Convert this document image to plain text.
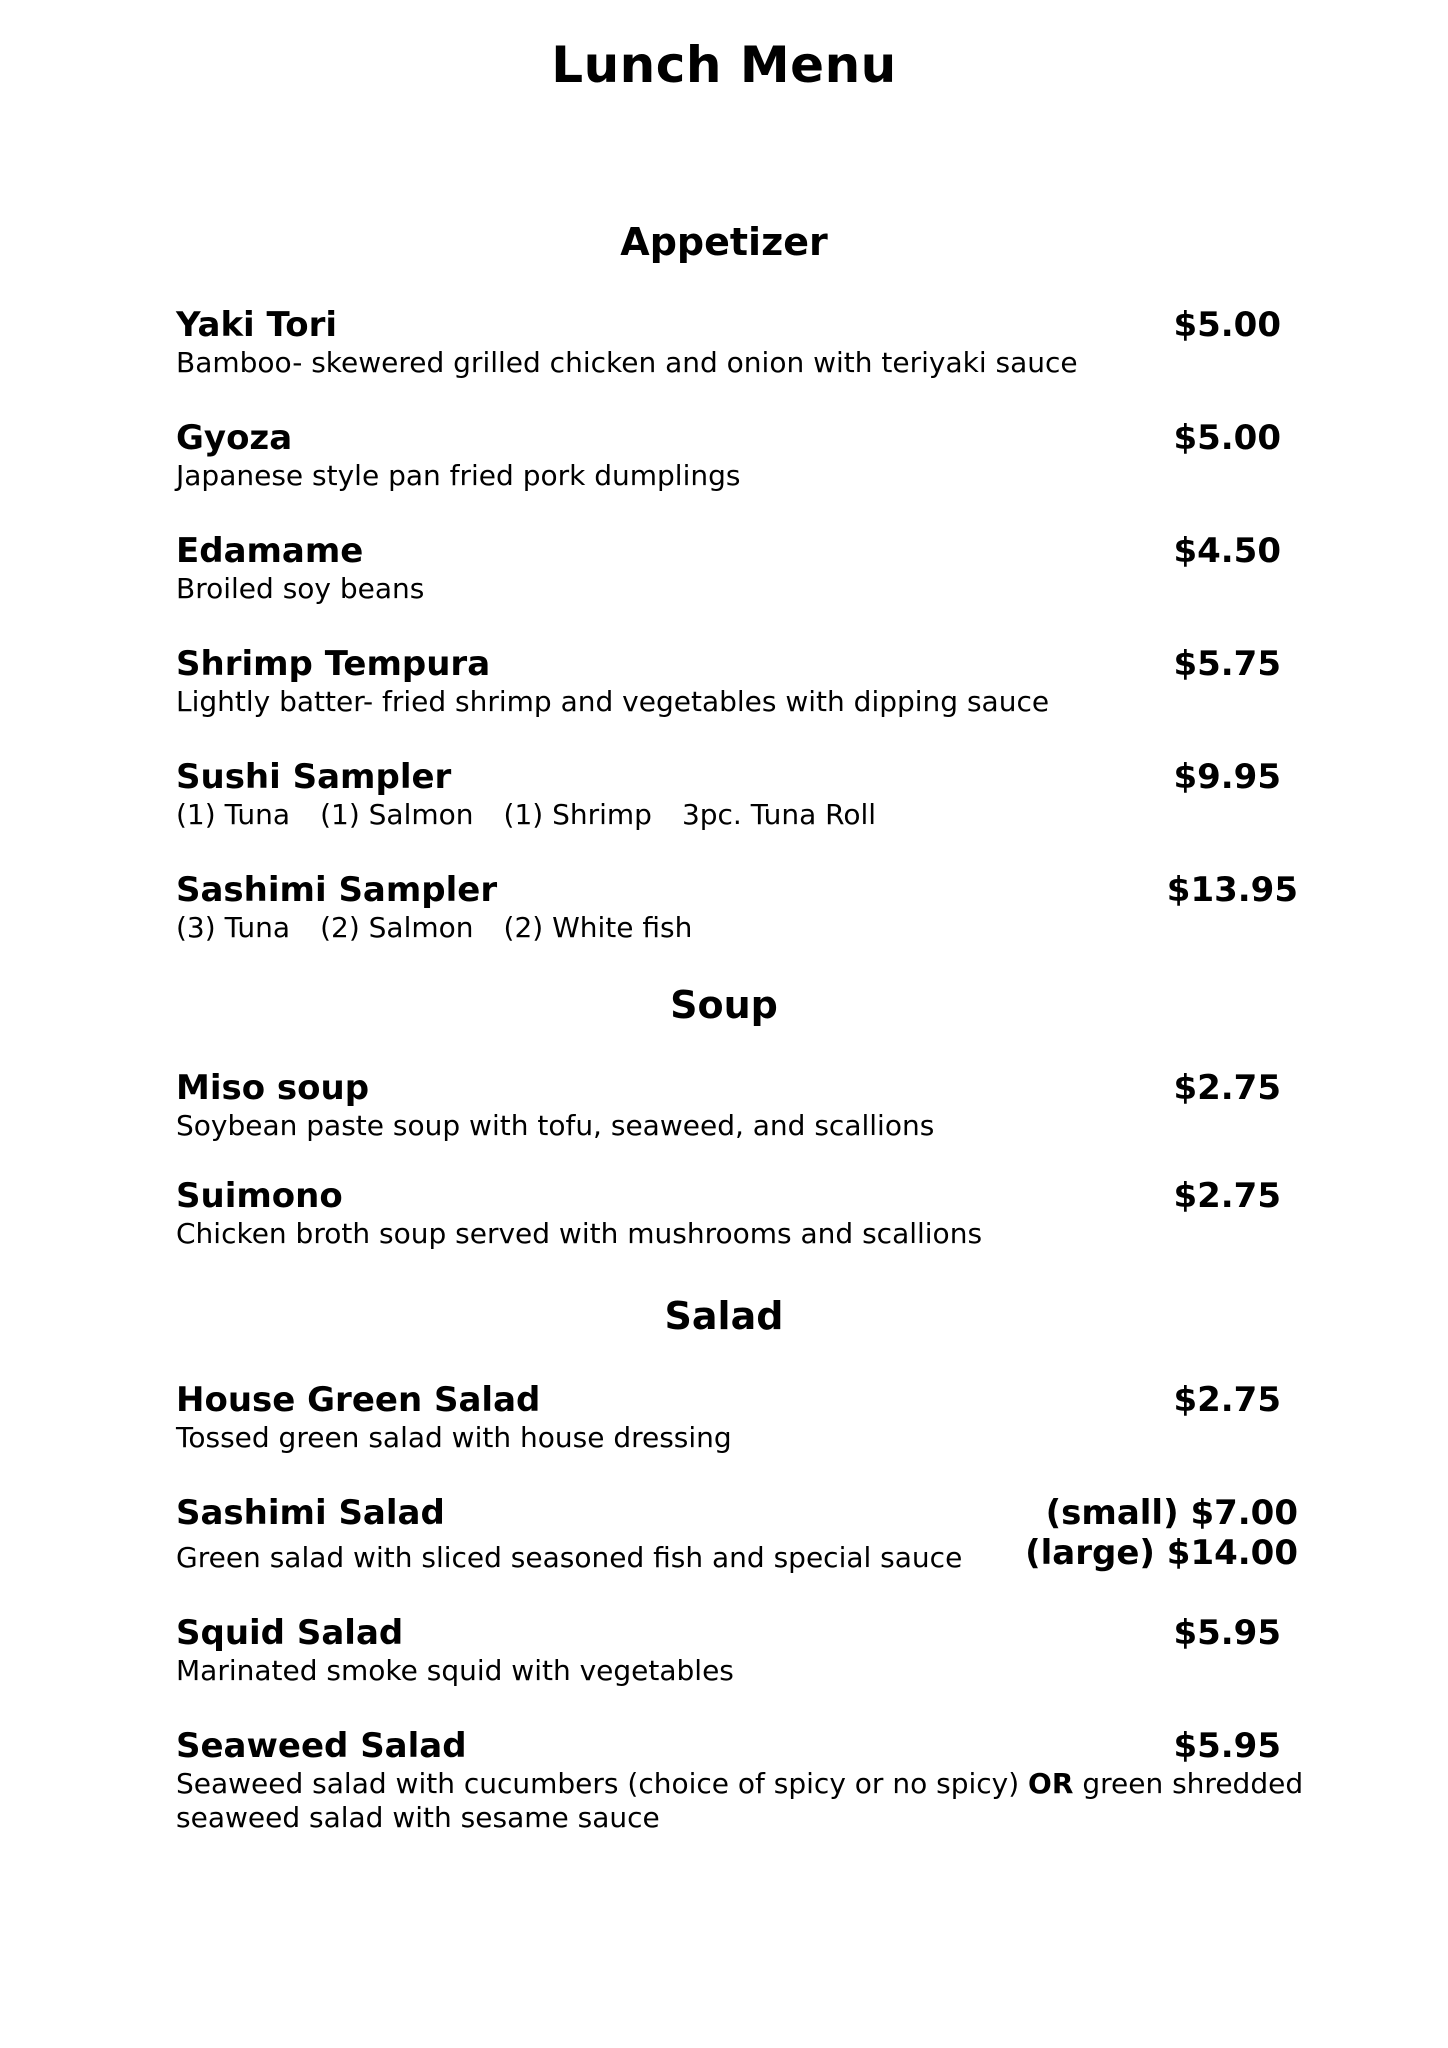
Lunch Menu
Appetizer
Yaki Tori	$5.00
Bamboo- skewered grilled chicken and onion with teriyaki sauce
Gyoza	$5.00
Japanese style pan fried pork dumplings
Edamame	$4.50
Broiled soy beans
Shrimp Tempura	$5.75
Lightly batter- fried shrimp and vegetables with dipping sauce
Sushi Sampler	$9.95
(1) Tuna (1) Salmon (1) Shrimp 3pc. Tuna Roll
Sashimi Sampler	$13.95
(3) Tuna (2) Salmon (2) White fish
Soup
Miso soup	$2.75
Soybean paste soup with tofu, seaweed, and scallions
Suimono	$2.75
Chicken broth soup served with mushrooms and scallions
Salad
House Green Salad	$2.75
Tossed green salad with house dressing
Sashimi Salad	(small) $7.00
(large) $14.00
Green salad with sliced seasoned fish and special sauce
Squid Salad	$5.95
Marinated smoke squid with vegetables
Seaweed Salad	$5.95
Seaweed salad with cucumbers (choice of spicy or no spicy) OR green shredded
seaweed salad with sesame sauce
